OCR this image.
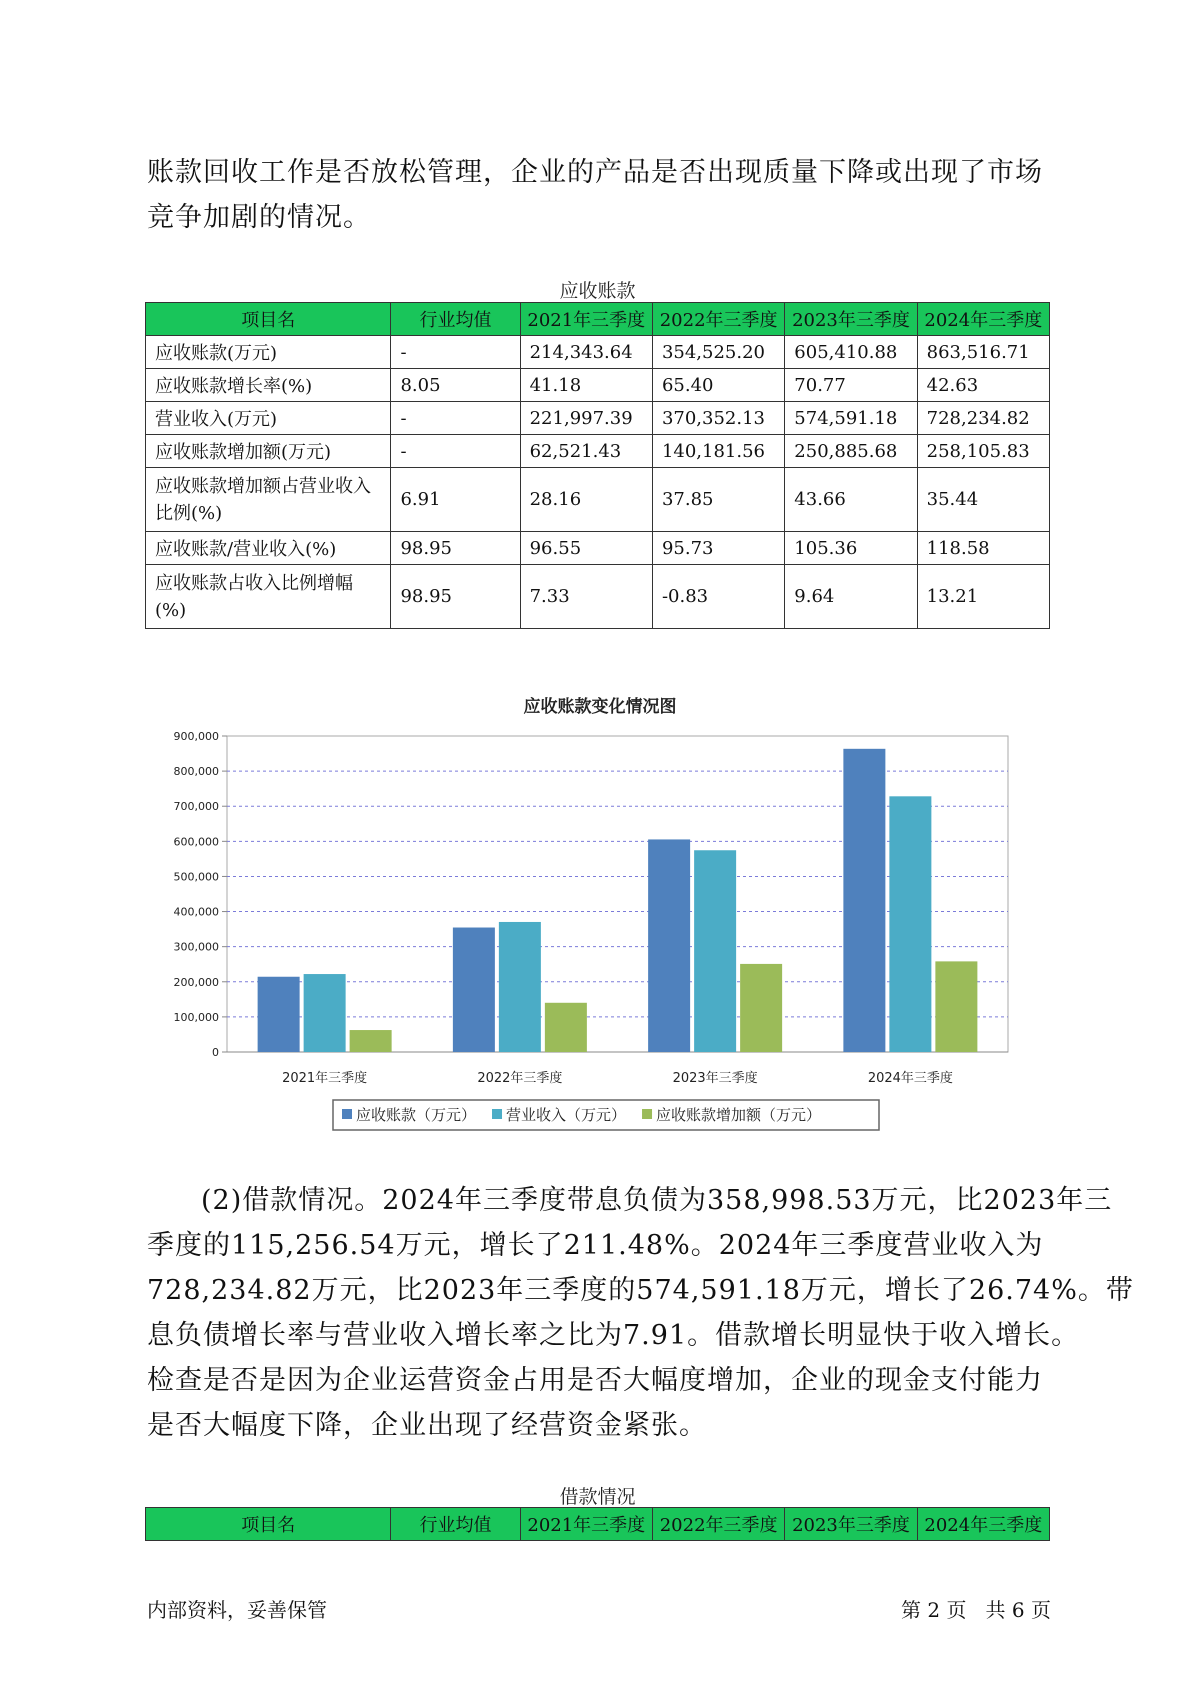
账款回收工作是否放松管理，企业的产品是否出现质量下降或出现了市场
竞争加剧的情况。
应收账款
项目名	行业均值	2021年三季度	2022年三季度	2023年三季度	2024年三季度
应收账款(万元)	-	214,343.64	354,525.20	605,410.88	863,516.71
应收账款增长率(%)	8.05	41.18	65.40	70.77	42.63
营业收入(万元)	-	221,997.39	370,352.13	574,591.18	728,234.82
应收账款增加额(万元)	-	62,521.43	140,181.56	250,885.68	258,105.83
应收账款增加额占营业收入比例(%)	6.91	28.16	37.85	43.66	35.44
应收账款/营业收入(%)	98.95	96.55	95.73	105.36	118.58
应收账款占收入比例增幅(%)	98.95	7.33	-0.83	9.64	13.21
应收账款变化情况图
0
100,000
200,000
300,000
400,000
500,000
600,000
700,000
800,000
900,000
2021年三季度	2022年三季度	2023年三季度	2024年三季度
应收账款（万元） 营业收入（万元） 应收账款增加额（万元）
(2)借款情况。2024年三季度带息负债为358,998.53万元，比2023年三
季度的115,256.54万元，增长了211.48%。2024年三季度营业收入为
728,234.82万元，比2023年三季度的574,591.18万元，增长了26.74%。带
息负债增长率与营业收入增长率之比为7.91。借款增长明显快于收入增长。
检查是否是因为企业运营资金占用是否大幅度增加，企业的现金支付能力
是否大幅度下降，企业出现了经营资金紧张。
借款情况
项目名	行业均值	2021年三季度	2022年三季度	2023年三季度	2024年三季度
内部资料，妥善保管	第 2 页   共 6 页
